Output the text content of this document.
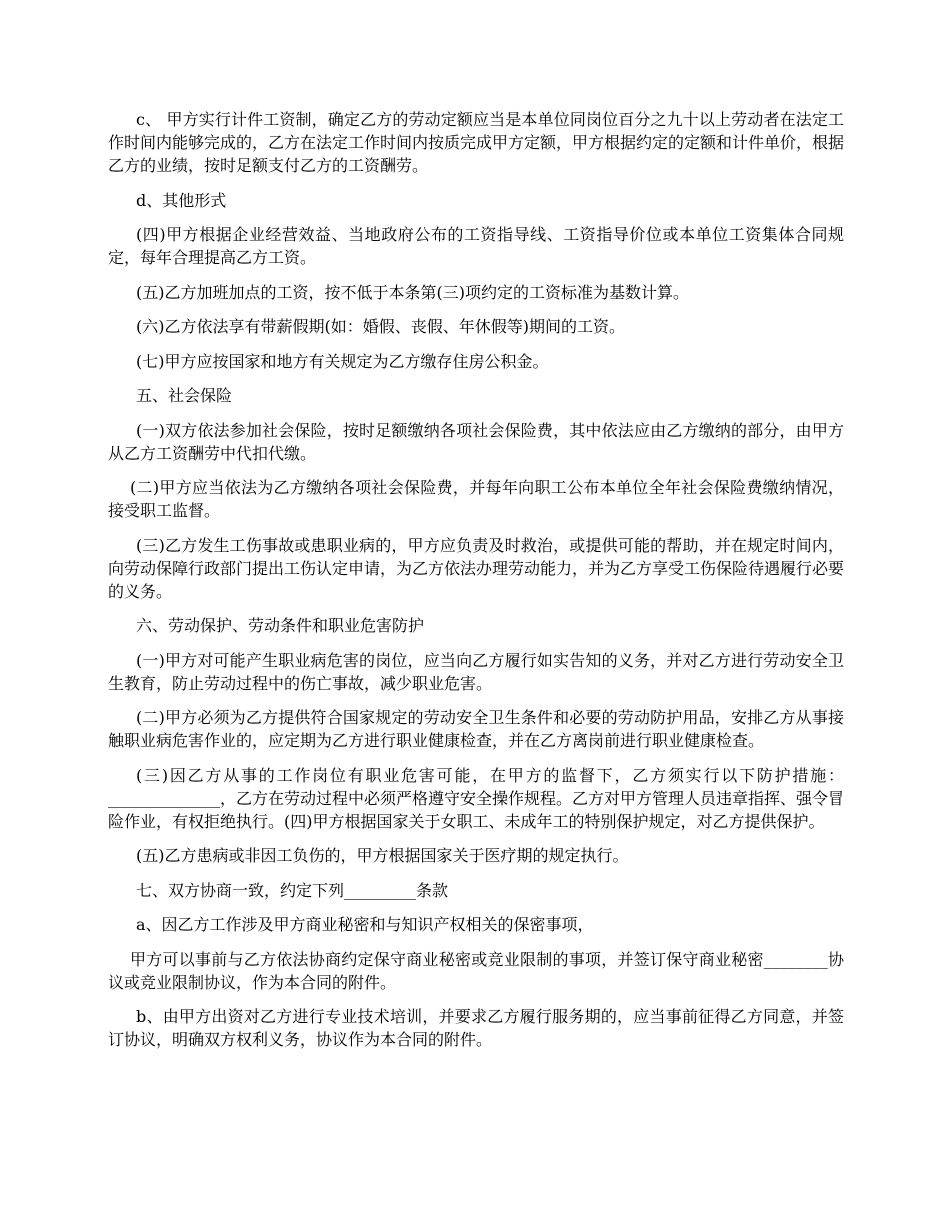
c、 甲方实行计件工资制，确定乙方的劳动定额应当是本单位同岗位百分之九十以上劳动者在法定工作时间内能够完成的，乙方在法定工作时间内按质完成甲方定额，甲方根据约定的定额和计件单价，根据乙方的业绩，按时足额支付乙方的工资酬劳。

d、其他形式

(四)甲方根据企业经营效益、当地政府公布的工资指导线、工资指导价位或本单位工资集体合同规定，每年合理提高乙方工资。

(五)乙方加班加点的工资，按不低于本条第(三)项约定的工资标准为基数计算。

(六)乙方依法享有带薪假期(如：婚假、丧假、年休假等)期间的工资。

(七)甲方应按国家和地方有关规定为乙方缴存住房公积金。

五、社会保险

(一)双方依法参加社会保险，按时足额缴纳各项社会保险费，其中依法应由乙方缴纳的部分，由甲方从乙方工资酬劳中代扣代缴。

(二)甲方应当依法为乙方缴纳各项社会保险费，并每年向职工公布本单位全年社会保险费缴纳情况，接受职工监督。

(三)乙方发生工伤事故或患职业病的，甲方应负责及时救治，或提供可能的帮助，并在规定时间内，向劳动保障行政部门提出工伤认定申请，为乙方依法办理劳动能力，并为乙方享受工伤保险待遇履行必要的义务。

六、劳动保护、劳动条件和职业危害防护

(一)甲方对可能产生职业病危害的岗位，应当向乙方履行如实告知的义务，并对乙方进行劳动安全卫生教育，防止劳动过程中的伤亡事故，减少职业危害。

(二)甲方必须为乙方提供符合国家规定的劳动安全卫生条件和必要的劳动防护用品，安排乙方从事接触职业病危害作业的，应定期为乙方进行职业健康检查，并在乙方离岗前进行职业健康检查。

(三)因乙方从事的工作岗位有职业危害可能，在甲方的监督下，乙方须实行以下防护措施：______________，乙方在劳动过程中必须严格遵守安全操作规程。乙方对甲方管理人员违章指挥、强令冒险作业，有权拒绝执行。(四)甲方根据国家关于女职工、未成年工的特别保护规定，对乙方提供保护。

(五)乙方患病或非因工负伤的，甲方根据国家关于医疗期的规定执行。

七、双方协商一致，约定下列_________条款

a、因乙方工作涉及甲方商业秘密和与知识产权相关的保密事项，

甲方可以事前与乙方依法协商约定保守商业秘密或竞业限制的事项，并签订保守商业秘密________协议或竞业限制协议，作为本合同的附件。

b、由甲方出资对乙方进行专业技术培训，并要求乙方履行服务期的，应当事前征得乙方同意，并签订协议，明确双方权利义务，协议作为本合同的附件。
